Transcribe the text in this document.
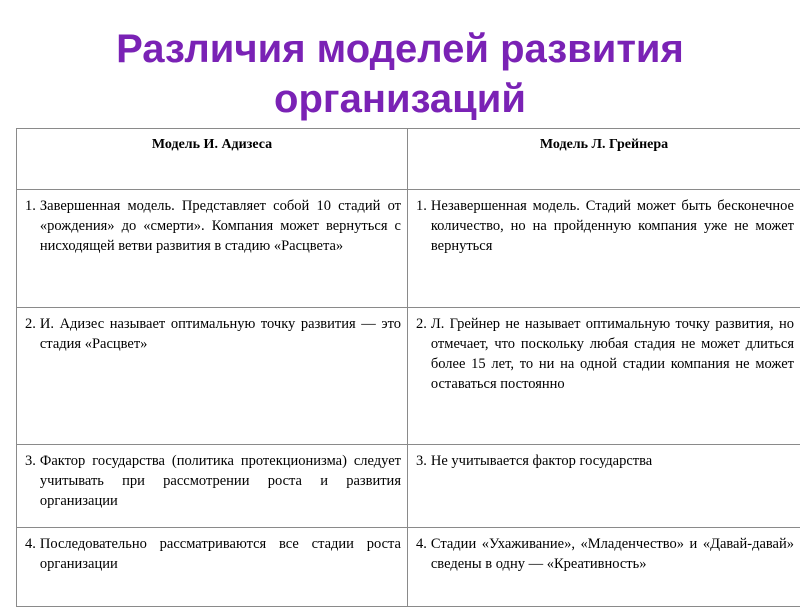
Различия моделей развития организаций
Модель И. Адизеса	Модель Л. Грейнера

1. Завершенная модель. Представляет собой 10 стадий от «рождения» до «смерти». Компания может вернуться с нисходящей ветви развития в стадию «Расцвета»	1. Незавершенная модель. Стадий может быть бесконечное количество, но на пройденную компания уже не может вернуться

2. И. Адизес называет оптимальную точку развития — это стадия «Расцвет»	2. Л. Грейнер не называет оптимальную точку развития, но отмечает, что поскольку любая стадия не может длиться более 15 лет, то ни на одной стадии компания не может оставаться постоянно

3. Фактор государства (политика протекционизма) следует учитывать при рассмотрении роста и развития организации	3. Не учитывается фактор государства

4. Последовательно рассматриваются все стадии роста организации	4. Стадии «Ухаживание», «Младенчество» и «Давай-давай» сведены в одну — «Креативность»
